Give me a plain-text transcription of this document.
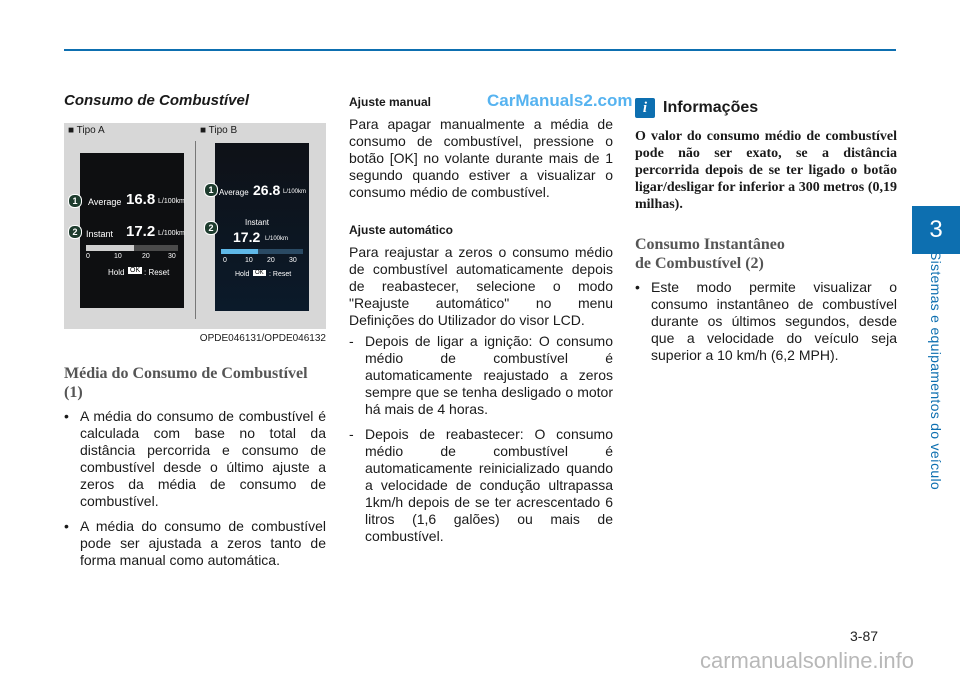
CarManuals2.com
3
Sistemas e equipamentos do veículo
Consumo de Combustível
■ Tipo A	■ Tipo B
Average 16.8 L/100km
Instant 17.2 L/100km
0	10	20	30
Hold OK : Reset
1
2
Average 26.8 L/100km
Instant
17.2 L/100km
0	10 20 30
Hold OK : Reset
1
2
OPDE046131/OPDE046132
Média do Consumo de Combustível (1)
• A média do consumo de combustível é calculada com base no total da distância percorrida e consumo de combustível desde o último ajuste a zeros da média de consumo de combustível.
• A média do consumo de combustível pode ser ajustada a zeros tanto de forma manual como automática.
Ajuste manual
Para apagar manualmente a média de consumo de combustível, pressione o botão [OK] no volante durante mais de 1 segundo quando estiver a visualizar o consumo médio de combustível.
Ajuste automático
Para reajustar a zeros o consumo médio de combustível automaticamente depois de reabastecer, selecione o modo "Reajuste automático" no menu Definições do Utilizador do visor LCD.
- Depois de ligar a ignição: O consumo médio de combustível é automaticamente reajustado a zeros sempre que se tenha desligado o motor há mais de 4 horas.
- Depois de reabastecer: O consumo médio de combustível é automaticamente reinicializado quando a velocidade de condução ultrapassa 1km/h depois de se ter acrescentado 6 litros (1,6 galões) ou mais de combustível.
i Informações
O valor do consumo médio de combustível pode não ser exato, se a distância percorrida depois de se ter ligado o botão ligar/desligar for inferior a 300 metros (0,19 milhas).
Consumo Instantâneo
de Combustível (2)
• Este modo permite visualizar o consumo instantâneo de combustível durante os últimos segundos, desde que a velocidade do veículo seja superior a 10 km/h (6,2 MPH).
3-87
carmanualsonline.info
